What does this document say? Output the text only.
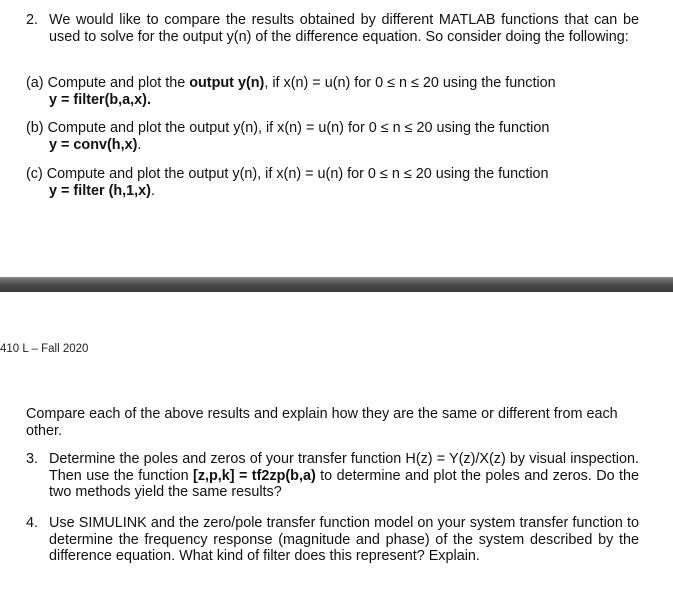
2. We would like to compare the results obtained by different MATLAB functions that can be used to solve for the output y(n) of the difference equation. So consider doing the following:
(a) Compute and plot the output y(n), if x(n) = u(n) for 0 ≤ n ≤ 20 using the function
y = filter(b,a,x).
(b) Compute and plot the output y(n), if x(n) = u(n) for 0 ≤ n ≤ 20 using the function
y = conv(h,x).
(c) Compute and plot the output y(n), if x(n) = u(n) for 0 ≤ n ≤ 20 using the function
y = filter (h,1,x).
410 L – Fall 2020
Compare each of the above results and explain how they are the same or different from each other.
3. Determine the poles and zeros of your transfer function H(z) = Y(z)/X(z) by visual inspection. Then use the function [z,p,k] = tf2zp(b,a) to determine and plot the poles and zeros. Do the two methods yield the same results?
4. Use SIMULINK and the zero/pole transfer function model on your system transfer function to determine the frequency response (magnitude and phase) of the system described by the difference equation. What kind of filter does this represent? Explain.
